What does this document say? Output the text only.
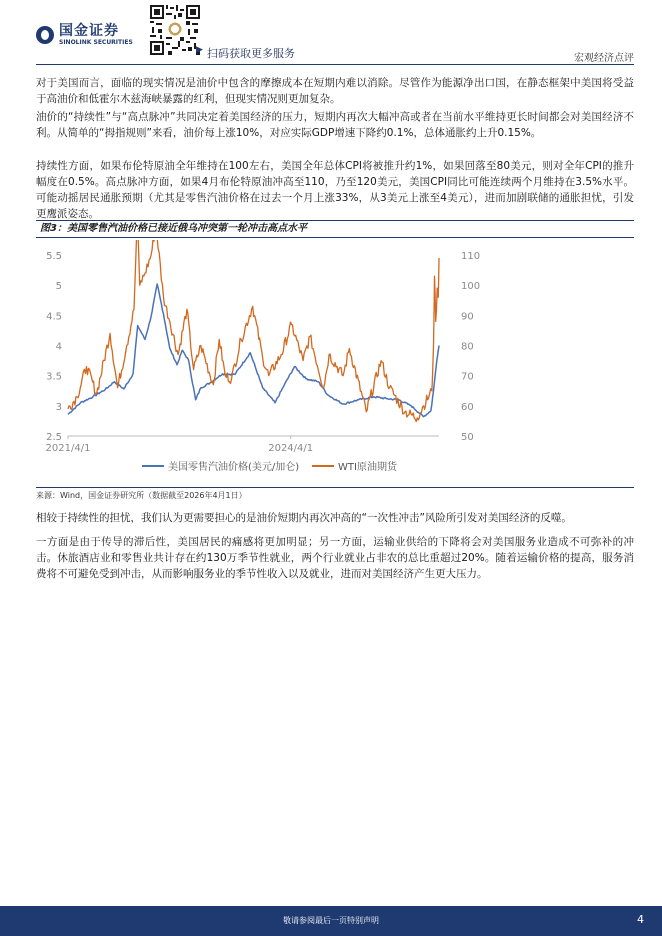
国金证券
SINOLINK SECURITIES
▶ 扫码获取更多服务	宏观经济点评

对于美国而言，面临的现实情况是油价中包含的摩擦成本在短期内难以消除。尽管作为能源净出口国，在静态框架中美国将受益于高油价和低霍尔木兹海峡暴露的红利，但现实情况则更加复杂。

油价的“持续性”与“高点脉冲”共同决定着美国经济的压力，短期内再次大幅冲高或者在当前水平维持更长时间都会对美国经济不利。从简单的“拇指规则”来看，油价每上涨10%，对应实际GDP增速下降约0.1%，总体通胀约上升0.15%。

持续性方面，如果布伦特原油全年维持在100左右，美国全年总体CPI将被推升约1%，如果回落至80美元，则对全年CPI的推升幅度在0.5%。高点脉冲方面，如果4月布伦特原油冲高至110，乃至120美元，美国CPI同比可能连续两个月维持在3.5%水平。可能动摇居民通胀预期（尤其是零售汽油价格在过去一个月上涨33%，从3美元上涨至4美元），进而加剧联储的通胀担忧，引发更鹰派姿态。

图3：美国零售汽油价格已接近俄乌冲突第一轮冲击高点水平
5.5
5
4.5
4
3.5
3
2.5
110
100
90
80
70
60
50
2021/4/1	2024/4/1
美国零售汽油价格(美元/加仑)	WTI原油期货
来源：Wind，国金证券研究所（数据截至2026年4月1日）

相较于持续性的担忧，我们认为更需要担心的是油价短期内再次冲高的“一次性冲击”风险所引发对美国经济的反噬。

一方面是由于传导的滞后性，美国居民的痛感将更加明显；另一方面，运输业供给的下降将会对美国服务业造成不可弥补的冲击。休旅酒店业和零售业共计存在约130万季节性就业，两个行业就业占非农的总比重超过20%。随着运输价格的提高，服务消费将不可避免受到冲击，从而影响服务业的季节性收入以及就业，进而对美国经济产生更大压力。

敬请参阅最后一页特别声明	4
